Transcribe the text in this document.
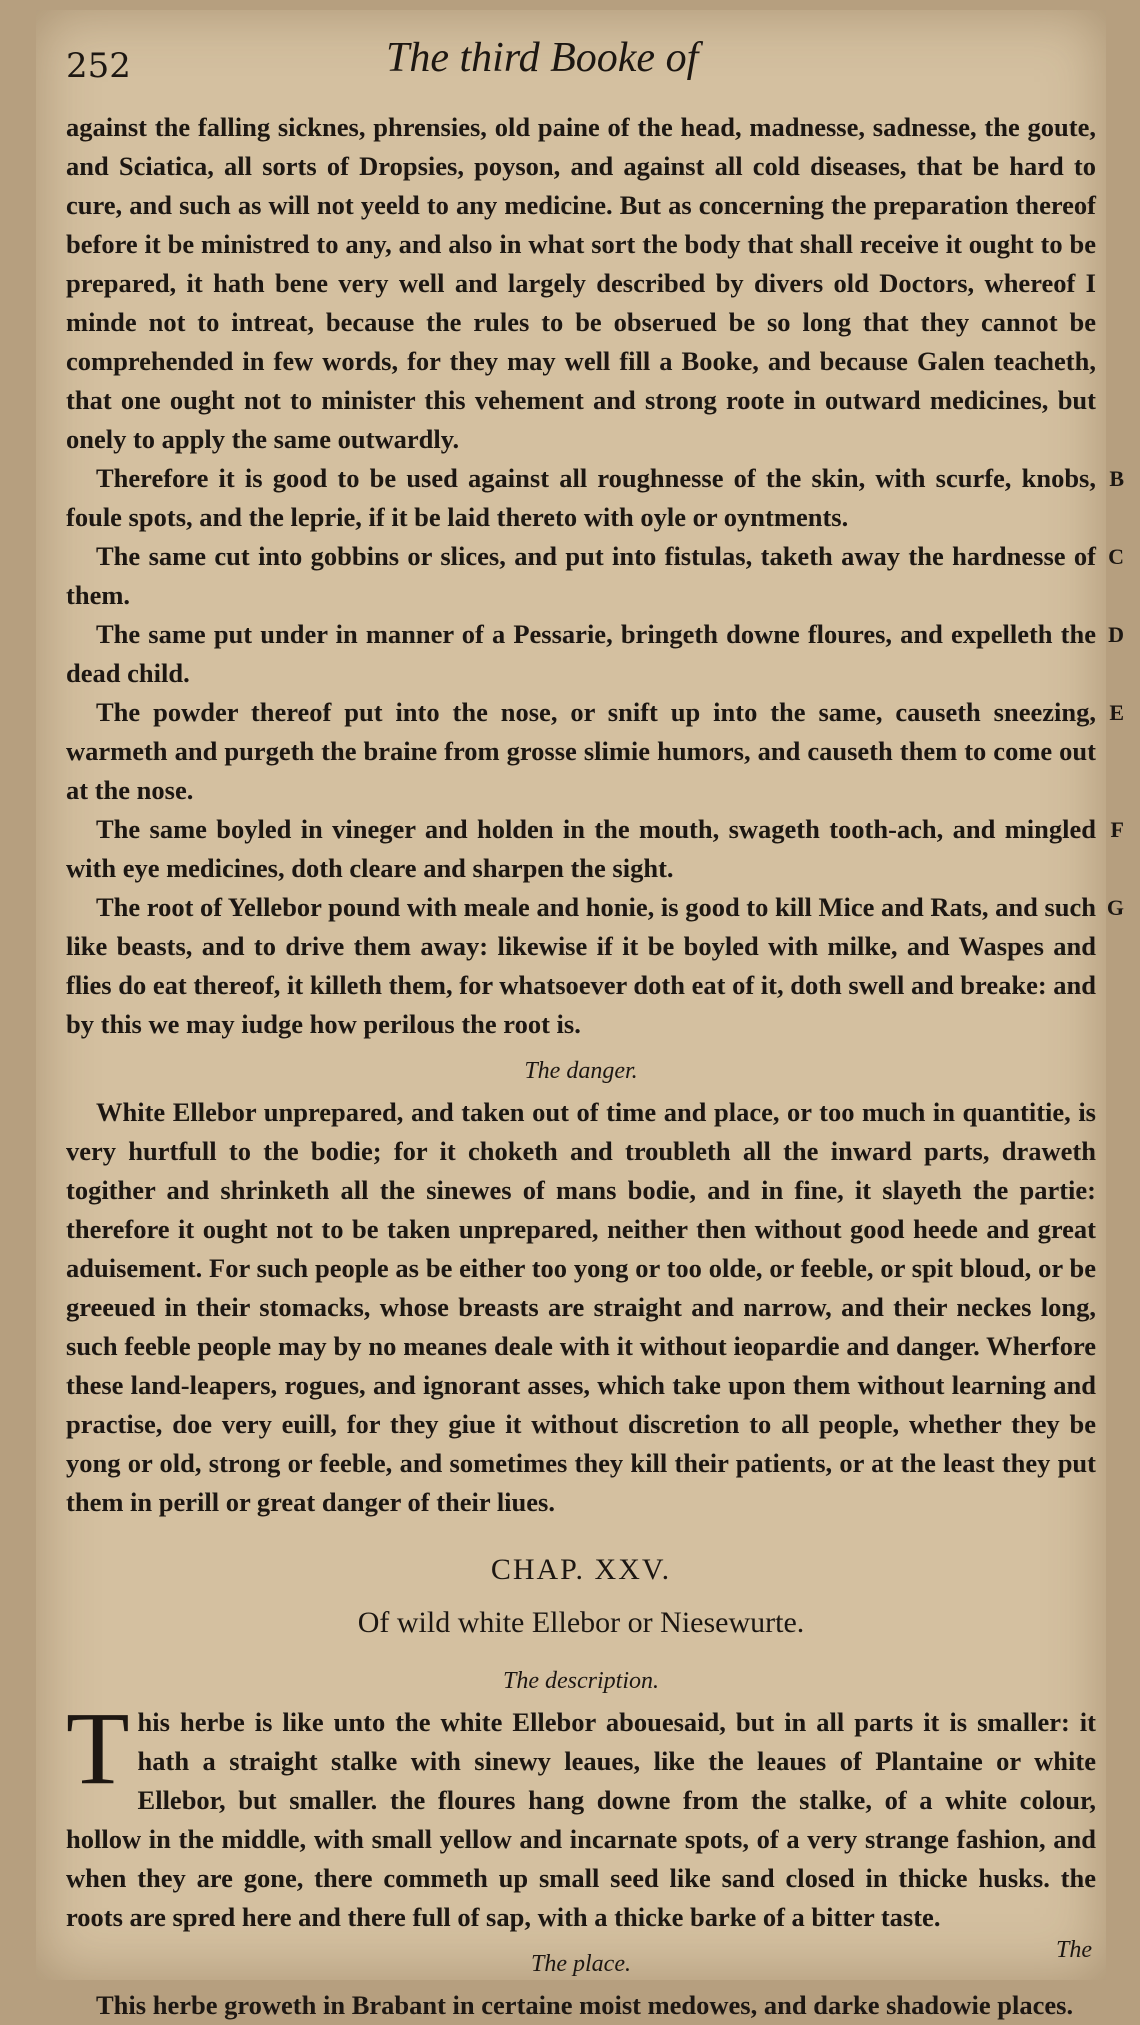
252	The third Booke of

against the falling sicknes, phrensies, old paine of the head, madnesse, sadnesse, the goute, and Sciatica, all sorts of Dropsies, poyson, and against all cold diseases, that be hard to cure, and such as will not yeeld to any medicine. But as concerning the preparation thereof before it be ministred to any, and also in what sort the body that shall receive it ought to be prepared, it hath bene very well and largely described by divers old Doctors, whereof I minde not to intreat, because the rules to be obserued be so long that they cannot be comprehended in few words, for they may well fill a Booke, and because Galen teacheth, that one ought not to minister this vehement and strong roote in outward medicines, but onely to apply the same outwardly.

Therefore it is good to be used against all roughnesse of the skin, with scurfe, knobs, foule spots, and the leprie, if it be laid thereto with oyle or oyntments.
B

The same cut into gobbins or slices, and put into fistulas, taketh away the hardnesse of them.
C

The same put under in manner of a Pessarie, bringeth downe floures, and expelleth the dead child.
D

The powder thereof put into the nose, or snift up into the same, causeth sneezing, warmeth and purgeth the braine from grosse slimie humors, and causeth them to come out at the nose.
E

The same boyled in vineger and holden in the mouth, swageth tooth-ach, and mingled with eye medicines, doth cleare and sharpen the sight.
F

The root of Yellebor pound with meale and honie, is good to kill Mice and Rats, and such like beasts, and to drive them away: likewise if it be boyled with milke, and Waspes and flies do eat thereof, it killeth them, for whatsoever doth eat of it, doth swell and breake: and by this we may iudge how perilous the root is.
G

The danger.

White Ellebor unprepared, and taken out of time and place, or too much in quantitie, is very hurtfull to the bodie; for it choketh and troubleth all the inward parts, draweth togither and shrinketh all the sinewes of mans bodie, and in fine, it slayeth the partie: therefore it ought not to be taken unprepared, neither then without good heede and great aduisement. For such people as be either too yong or too olde, or feeble, or spit bloud, or be greeued in their stomacks, whose breasts are straight and narrow, and their neckes long, such feeble people may by no meanes deale with it without ieopardie and danger. Wherfore these land-leapers, rogues, and ignorant asses, which take upon them without learning and practise, doe very euill, for they giue it without discretion to all people, whether they be yong or old, strong or feeble, and sometimes they kill their patients, or at the least they put them in perill or great danger of their liues.

CHAP. XXV.
Of wild white Ellebor or Niesewurte.
The description.

T his herbe is like unto the white Ellebor abouesaid, but in all parts it is smaller: it hath a straight stalke with sinewy leaues, like the leaues of Plantaine or white Ellebor, but smaller. the floures hang downe from the stalke, of a white colour, hollow in the middle, with small yellow and incarnate spots, of a very strange fashion, and when they are gone, there commeth up small seed like sand closed in thicke husks. the roots are spred here and there full of sap, with a thicke barke of a bitter taste.

The place.

This herbe groweth in Brabant in certaine moist medowes, and darke shadowie places.

The
